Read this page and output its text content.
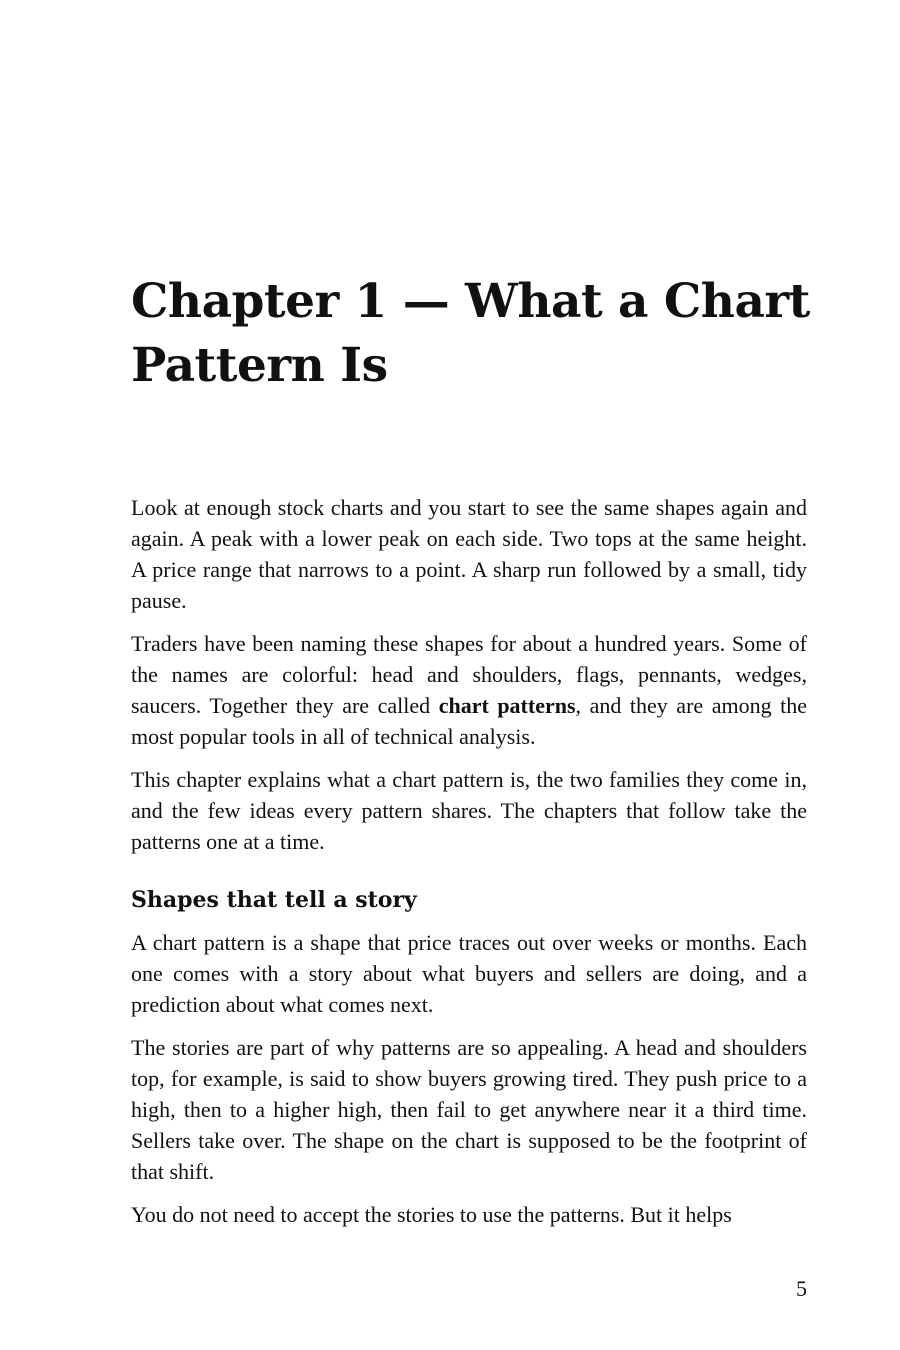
Chapter 1 — What a Chart Pattern Is

Look at enough stock charts and you start to see the same shapes again and again. A peak with a lower peak on each side. Two tops at the same height. A price range that narrows to a point. A sharp run followed by a small, tidy pause.

Traders have been naming these shapes for about a hundred years. Some of the names are colorful: head and shoulders, flags, pennants, wedges, saucers. Together they are called chart patterns, and they are among the most popular tools in all of technical analysis.

This chapter explains what a chart pattern is, the two families they come in, and the few ideas every pattern shares. The chapters that follow take the patterns one at a time.

Shapes that tell a story

A chart pattern is a shape that price traces out over weeks or months. Each one comes with a story about what buyers and sellers are doing, and a prediction about what comes next.

The stories are part of why patterns are so appealing. A head and shoulders top, for example, is said to show buyers growing tired. They push price to a high, then to a higher high, then fail to get anywhere near it a third time. Sellers take over. The shape on the chart is supposed to be the footprint of that shift.

You do not need to accept the stories to use the patterns. But it helps

5
